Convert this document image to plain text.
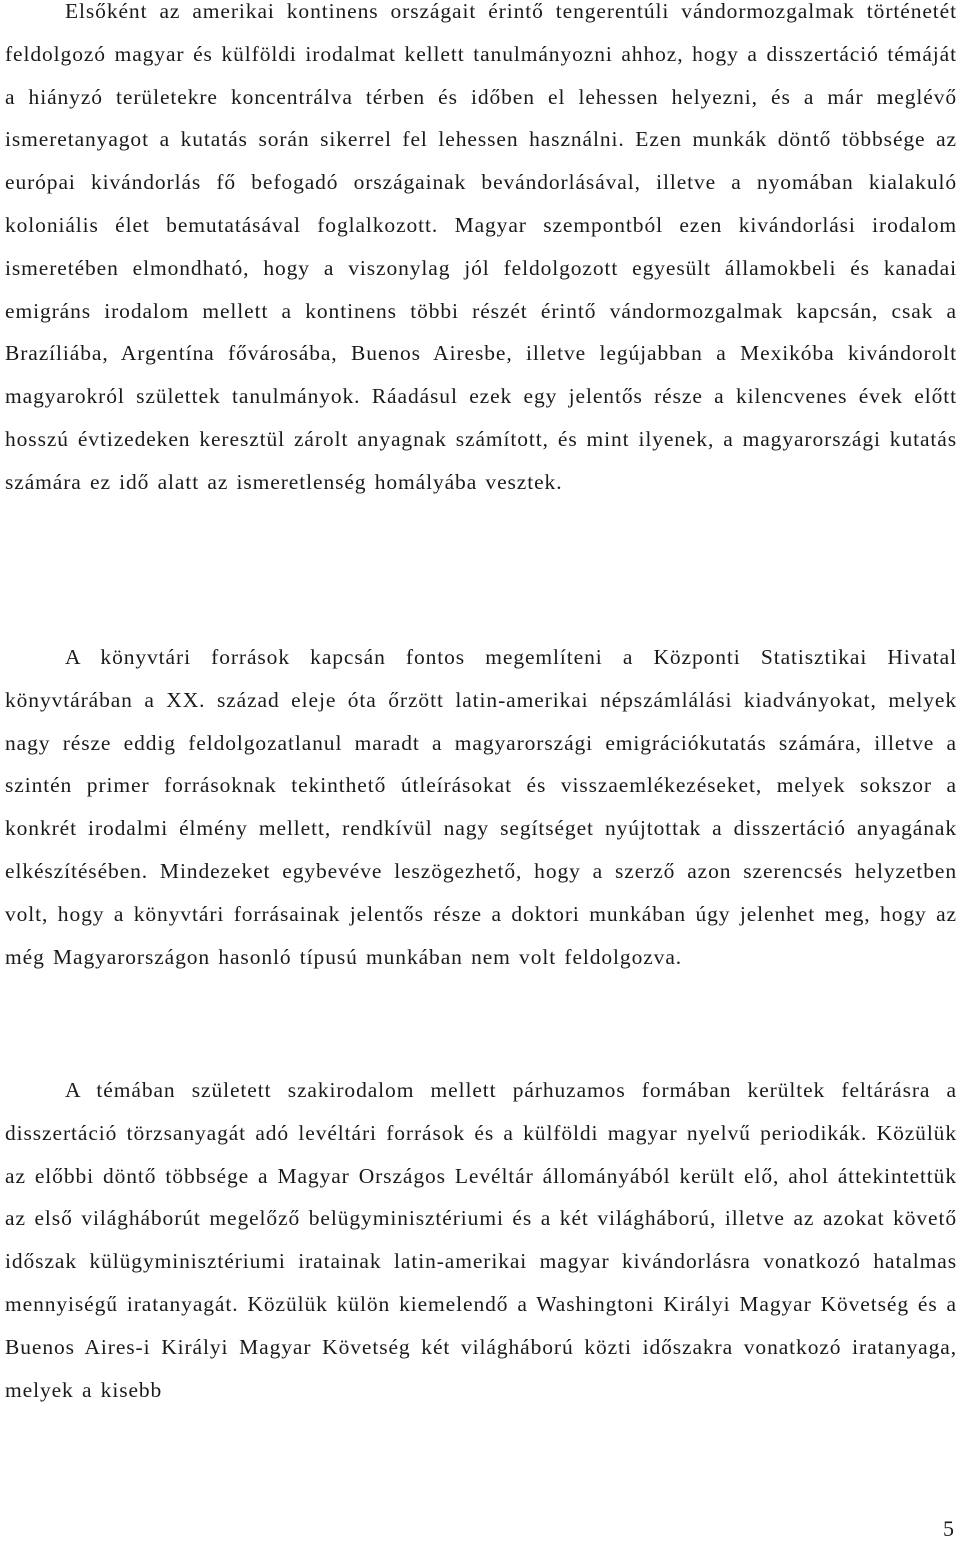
Elsőként az amerikai kontinens országait érintő tengerentúli vándormozgalmak történetét feldolgozó magyar és külföldi irodalmat kellett tanulmányozni ahhoz, hogy a disszertáció témáját a hiányzó területekre koncentrálva térben és időben el lehessen helyezni, és a már meglévő ismeretanyagot a kutatás során sikerrel fel lehessen használni. Ezen munkák döntő többsége az európai kivándorlás fő befogadó országainak bevándorlásával, illetve a nyomában kialakuló koloniális élet bemutatásával foglalkozott. Magyar szempontból ezen kivándorlási irodalom ismeretében elmondható, hogy a viszonylag jól feldolgozott egyesült államokbeli és kanadai emigráns irodalom mellett a kontinens többi részét érintő vándormozgalmak kapcsán, csak a Brazíliába, Argentína fővárosába, Buenos Airesbe, illetve legújabban a Mexikóba kivándorolt magyarokról születtek tanulmányok. Ráadásul ezek egy jelentős része a kilencvenes évek előtt hosszú évtizedeken keresztül zárolt anyagnak számított, és mint ilyenek, a magyarországi kutatás számára ez idő alatt az ismeretlenség homályába vesztek.

A könyvtári források kapcsán fontos megemlíteni a Központi Statisztikai Hivatal könyvtárában a XX. század eleje óta őrzött latin-amerikai népszámlálási kiadványokat, melyek nagy része eddig feldolgozatlanul maradt a magyarországi emigrációkutatás számára, illetve a szintén primer forrásoknak tekinthető útleírásokat és visszaemlékezéseket, melyek sokszor a konkrét irodalmi élmény mellett, rendkívül nagy segítséget nyújtottak a disszertáció anyagának elkészítésében. Mindezeket egybevéve leszögezhető, hogy a szerző azon szerencsés helyzetben volt, hogy a könyvtári forrásainak jelentős része a doktori munkában úgy jelenhet meg, hogy az még Magyarországon hasonló típusú munkában nem volt feldolgozva.

A témában született szakirodalom mellett párhuzamos formában kerültek feltárásra a disszertáció törzsanyagát adó levéltári források és a külföldi magyar nyelvű periodikák. Közülük az előbbi döntő többsége a Magyar Országos Levéltár állományából került elő, ahol áttekintettük az első világháborút megelőző belügyminisztériumi és a két világháború, illetve az azokat követő időszak külügyminisztériumi iratainak latin-amerikai magyar kivándorlásra vonatkozó hatalmas mennyiségű iratanyagát. Közülük külön kiemelendő a Washingtoni Királyi Magyar Követség és a Buenos Aires-i Királyi Magyar Követség két világháború közti időszakra vonatkozó iratanyaga, melyek a kisebb

5
